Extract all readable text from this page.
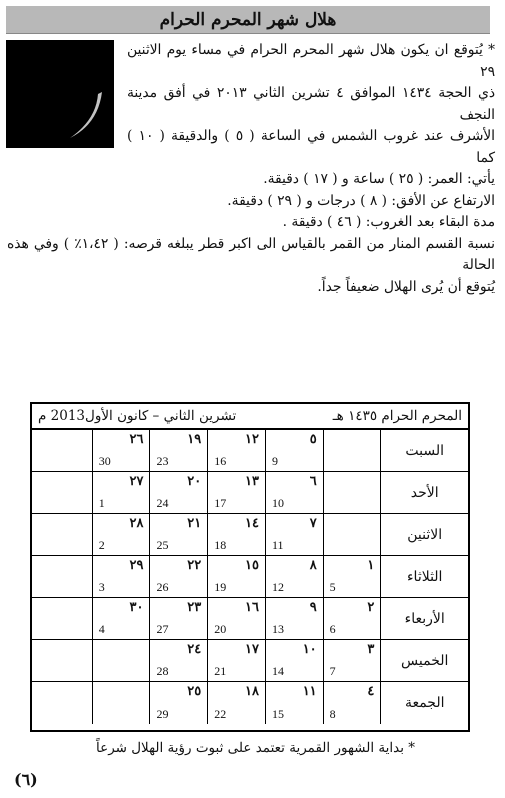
هلال شهر المحرم الحرام
* يُتوقع ان يكون هلال شهر المحرم الحرام في مساء يوم الاثنين ٢٩
ذي الحجة ١٤٣٤ الموافق ٤ تشرين الثاني ٢٠١٣ في أفق مدينة النجف
الأشرف عند غروب الشمس في الساعة ( ٥ ) والدقيقة ( ١٠ ) كما
يأتي: العمر: ( ٢٥ ) ساعة و ( ١٧ ) دقيقة.
الارتفاع عن الأفق: ( ٨ ) درجات و ( ٢٩ ) دقيقة.
مدة البقاء بعد الغروب: ( ٤٦ ) دقيقة .
نسبة القسم المنار من القمر بالقياس الى اكبر قطر يبلغه قرصه: ( ١،٤٢٪ ) وفي هذه الحالة
يُتوقع أن يُرى الهلال ضعيفاً جداً.
المحرم الحرام ١٤٣٥ هـ
تشرين الثاني – كانون الأول2013 م
السبت
٥
9
١٢
16
١٩
23
٢٦
30
الأحد
٦
10
١٣
17
٢٠
24
٢٧
1
الاثنين
٧
11
١٤
18
٢١
25
٢٨
2
الثلاثاء
١
5
٨
12
١٥
19
٢٢
26
٢٩
3
الأربعاء
٢
6
٩
13
١٦
20
٢٣
27
٣٠
4
الخميس
٣
7
١٠
14
١٧
21
٢٤
28
الجمعة
٤
8
١١
15
١٨
22
٢٥
29
* بداية الشهور القمرية تعتمد على ثبوت رؤية الهلال شرعاً
(٦)
